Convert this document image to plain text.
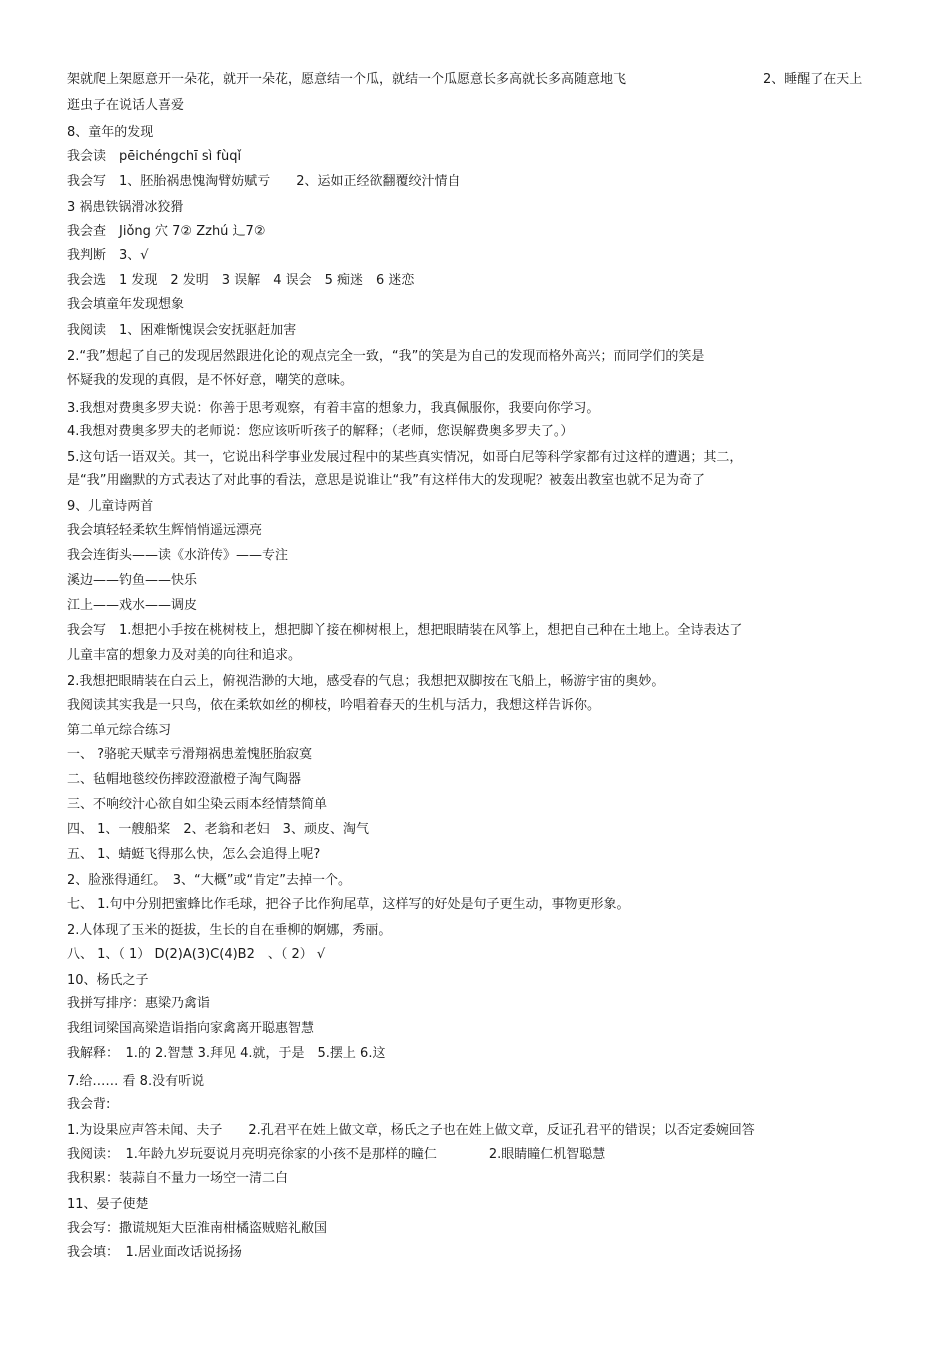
2、睡醒了在天上
架就爬上架愿意开一朵花，就开一朵花，愿意结一个瓜，就结一个瓜愿意长多高就长多高随意地飞
逛虫子在说话人喜爱
8、童年的发现
我会读　pēichéngchī sì fùqǐ
我会写　1、胚胎祸患愧淘臂妨赋亏　　2、运如正经欲翻覆绞汁情自
3 祸患铁锅滑冰狡猾
我会查　Jiǒng 穴 7② Zzhú 辶7②
我判断　3、√
我会选　1 发现　2 发明　3 误解　4 误会　5 痴迷　6 迷恋
我会填童年发现想象
我阅读　1、困难惭愧误会安抚驱赶加害
2.“我”想起了自己的发现居然跟进化论的观点完全一致，“我”的笑是为自己的发现而格外高兴；而同学们的笑是
怀疑我的发现的真假，是不怀好意，嘲笑的意味。
3.我想对费奥多罗夫说：你善于思考观察，有着丰富的想象力，我真佩服你，我要向你学习。
4.我想对费奥多罗夫的老师说：您应该听听孩子的解释；（老师，您误解费奥多罗夫了。）
5.这句话一语双关。其一，它说出科学事业发展过程中的某些真实情况，如哥白尼等科学家都有过这样的遭遇；其二，
是“我”用幽默的方式表达了对此事的看法，意思是说谁让“我”有这样伟大的发现呢？被轰出教室也就不足为奇了
9、儿童诗两首
我会填轻轻柔软生辉悄悄遥远漂亮
我会连街头——读《水浒传》——专注
溪边——钓鱼——快乐
江上——戏水——调皮
我会写　1.想把小手按在桃树枝上，想把脚丫接在柳树根上，想把眼睛装在风筝上，想把自己种在土地上。全诗表达了
儿童丰富的想象力及对美的向往和追求。
2.我想把眼睛装在白云上，俯视浩渺的大地，感受春的气息；我想把双脚按在飞船上，畅游宇宙的奥妙。
我阅读其实我是一只鸟，依在柔软如丝的柳枝，吟唱着春天的生机与活力，我想这样告诉你。
第二单元综合练习
一、 ?骆驼天赋幸亏滑翔祸患羞愧胚胎寂寞
二、毡帽地毯绞伤摔跤澄澈橙子淘气陶器
三、不响绞汁心欲自如尘染云雨本经情禁简单
四、 1、一艘船桨　2、老翁和老妇　3、顽皮、淘气
五、 1、蜻蜓飞得那么快，怎么会追得上呢?
2、脸涨得通红。　3、“大概”或“肯定”去掉一个。
七、 1.句中分别把蜜蜂比作毛球，把谷子比作狗尾草，这样写的好处是句子更生动，事物更形象。
2.人体现了玉米的挺拔，生长的自在垂柳的婀娜，秀丽。
八、 1、（ 1） D(2)A(3)C(4)B2　、（ 2） √
10、杨氏之子
我拼写排序：惠梁乃禽诣
我组词梁国高梁造诣指向家禽离开聪惠智慧
我解释：　1.的 2.智慧 3.拜见 4.就，于是　5.摆上 6.这
7.给…… 看 8.没有听说
我会背:
1.为设果应声答未闻、夫子　　2.孔君平在姓上做文章，杨氏之子也在姓上做文章，反证孔君平的错误；以否定委婉回答
我阅读：　1.年龄九岁玩耍说月亮明亮徐家的小孩不是那样的瞳仁　　　　2.眼睛瞳仁机智聪慧
我积累：装蒜自不量力一场空一清二白
11、晏子使楚
我会写：撒谎规矩大臣淮南柑橘盗贼赔礼敝国
我会填：　1.居业面改话说扬扬
